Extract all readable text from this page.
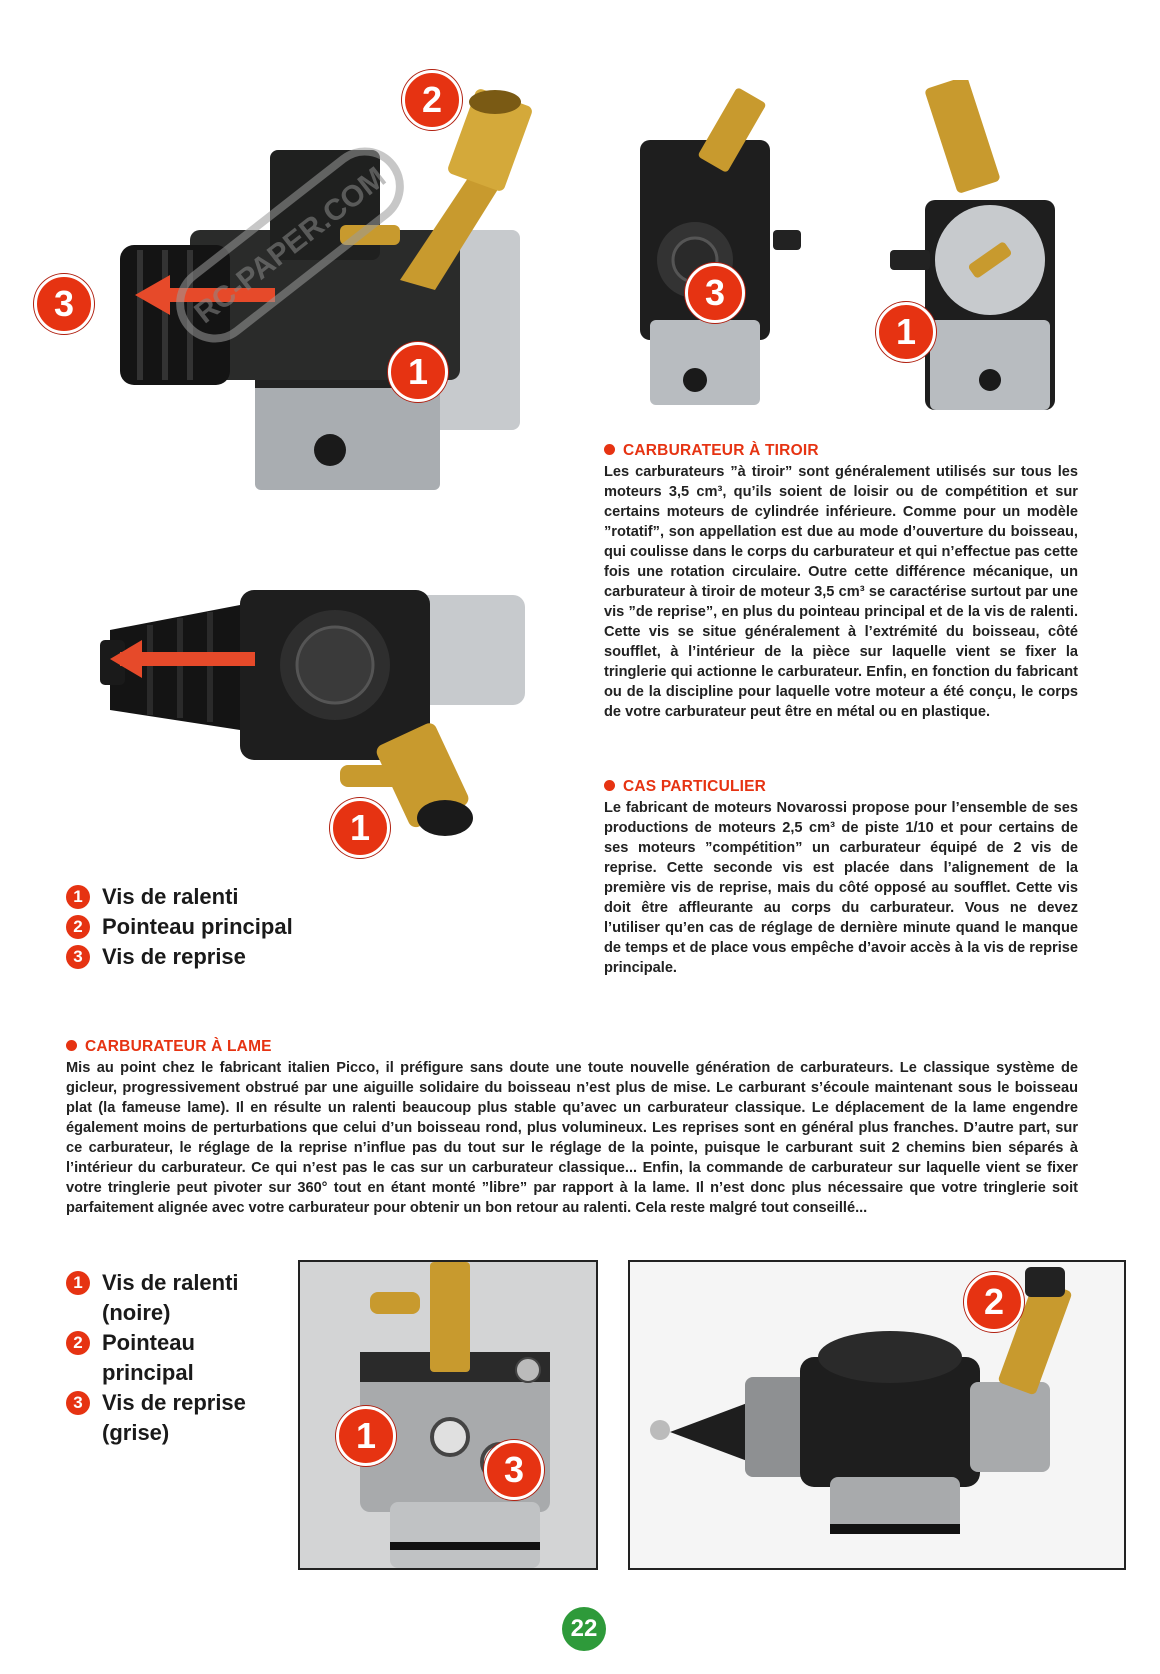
2
3
1
RC-PAPER.COM	3
1

CARBURATEUR À TIROIR

Les carburateurs ”à tiroir” sont généralement utilisés sur tous les moteurs 3,5 cm³, qu’ils soient de loisir ou de compétition et sur certains moteurs de cylindrée inférieure. Comme pour un modèle ”rotatif”, son appellation est due au mode d’ouverture du boisseau, qui coulisse dans le corps du carburateur et qui n’effectue pas cette fois une rotation circulaire. Outre cette différence mécanique, un carburateur à tiroir de moteur 3,5 cm³ se caractérise surtout par une vis ”de reprise”, en plus du pointeau principal et de la vis de ralenti. Cette vis se situe généralement à l’extrémité du boisseau, côté soufflet, à l’intérieur de la pièce sur laquelle vient se fixer la tringlerie qui actionne le carburateur. Enfin, en fonction du fabricant ou de la discipline pour laquelle votre moteur a été conçu, le corps de votre carburateur peut être en métal ou en plastique.

1
1 Vis de ralenti
2 Pointeau principal
3 Vis de reprise

CAS PARTICULIER

Le fabricant de moteurs Novarossi propose pour l’ensemble de ses productions de moteurs 2,5 cm³ de piste 1/10 et pour certains de ses moteurs ”compétition” un carburateur équipé de 2 vis de reprise. Cette seconde vis est placée dans l’alignement de la première vis de reprise, mais du côté opposé au soufflet. Cette vis doit être affleurante au corps du carburateur. Vous ne devez l’utiliser qu’en cas de réglage de dernière minute quand le manque de temps et de place vous empêche d’avoir accès à la vis de reprise principale.

CARBURATEUR À LAME

Mis au point chez le fabricant italien Picco, il préfigure sans doute une toute nouvelle génération de carburateurs. Le classique système de gicleur, progressivement obstrué par une aiguille solidaire du boisseau n’est plus de mise. Le carburant s’écoule maintenant sous le boisseau plat (la fameuse lame). Il en résulte un ralenti beaucoup plus stable qu’avec un carburateur classique. Le déplacement de la lame engendre également moins de perturbations que celui d’un boisseau rond, plus volumineux. Les reprises sont en général plus franches. D’autre part, sur ce carburateur, le réglage de la reprise n’influe pas du tout sur le réglage de la pointe, puisque le carburant suit 2 chemins bien séparés à l’intérieur du carburateur. Ce qui n’est pas le cas sur un carburateur classique... Enfin, la commande de carburateur sur laquelle vient se fixer votre tringlerie peut pivoter sur 360° tout en étant monté ”libre” par rapport à la lame. Il n’est donc plus nécessaire que votre tringlerie soit parfaitement alignée avec votre carburateur pour obtenir un bon retour au ralenti. Cela reste malgré tout conseillé...

1 Vis de ralenti (noire)
2 Pointeau principal
3 Vis de reprise (grise)	1
3
2
22
